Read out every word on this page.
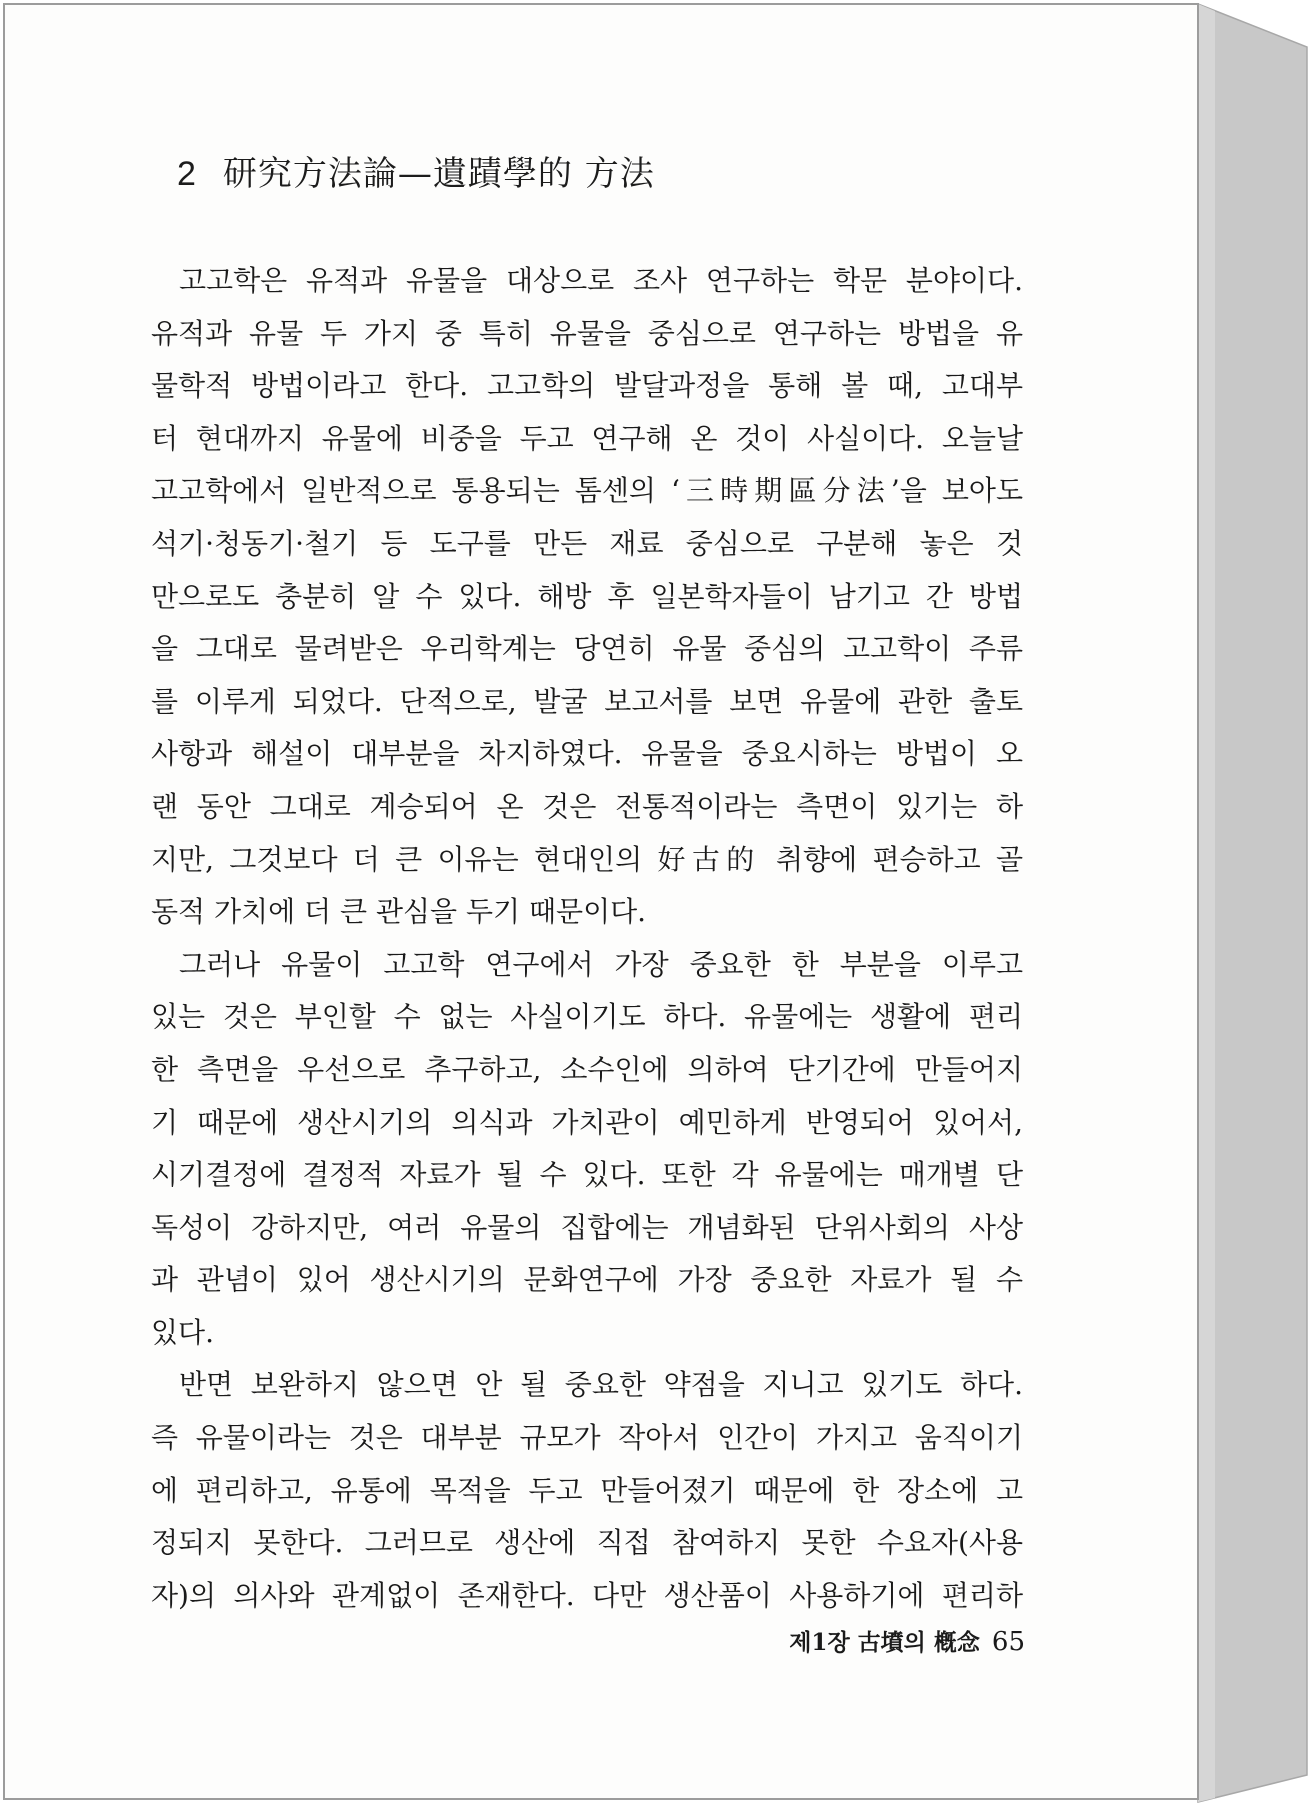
2 研究方法論—遺蹟學的 方法
고고학은 유적과 유물을 대상으로 조사 연구하는 학문 분야이다.
유적과 유물 두 가지 중 특히 유물을 중심으로 연구하는 방법을 유
물학적 방법이라고 한다. 고고학의 발달과정을 통해 볼 때, 고대부
터 현대까지 유물에 비중을 두고 연구해 온 것이 사실이다. 오늘날
고고학에서 일반적으로 통용되는 톰센의 ‘三時期區分法’을 보아도
석기·청동기·철기 등 도구를 만든 재료 중심으로 구분해 놓은 것
만으로도 충분히 알 수 있다. 해방 후 일본학자들이 남기고 간 방법
을 그대로 물려받은 우리학계는 당연히 유물 중심의 고고학이 주류
를 이루게 되었다. 단적으로, 발굴 보고서를 보면 유물에 관한 출토
사항과 해설이 대부분을 차지하였다. 유물을 중요시하는 방법이 오
랜 동안 그대로 계승되어 온 것은 전통적이라는 측면이 있기는 하
지만, 그것보다 더 큰 이유는 현대인의 好古的 취향에 편승하고 골
동적 가치에 더 큰 관심을 두기 때문이다.
그러나 유물이 고고학 연구에서 가장 중요한 한 부분을 이루고
있는 것은 부인할 수 없는 사실이기도 하다. 유물에는 생활에 편리
한 측면을 우선으로 추구하고, 소수인에 의하여 단기간에 만들어지
기 때문에 생산시기의 의식과 가치관이 예민하게 반영되어 있어서,
시기결정에 결정적 자료가 될 수 있다. 또한 각 유물에는 매개별 단
독성이 강하지만, 여러 유물의 집합에는 개념화된 단위사회의 사상
과 관념이 있어 생산시기의 문화연구에 가장 중요한 자료가 될 수
있다.
반면 보완하지 않으면 안 될 중요한 약점을 지니고 있기도 하다.
즉 유물이라는 것은 대부분 규모가 작아서 인간이 가지고 움직이기
에 편리하고, 유통에 목적을 두고 만들어졌기 때문에 한 장소에 고
정되지 못한다. 그러므로 생산에 직접 참여하지 못한 수요자(사용
자)의 의사와 관계없이 존재한다. 다만 생산품이 사용하기에 편리하
제1장 古墳의 槪念 65
